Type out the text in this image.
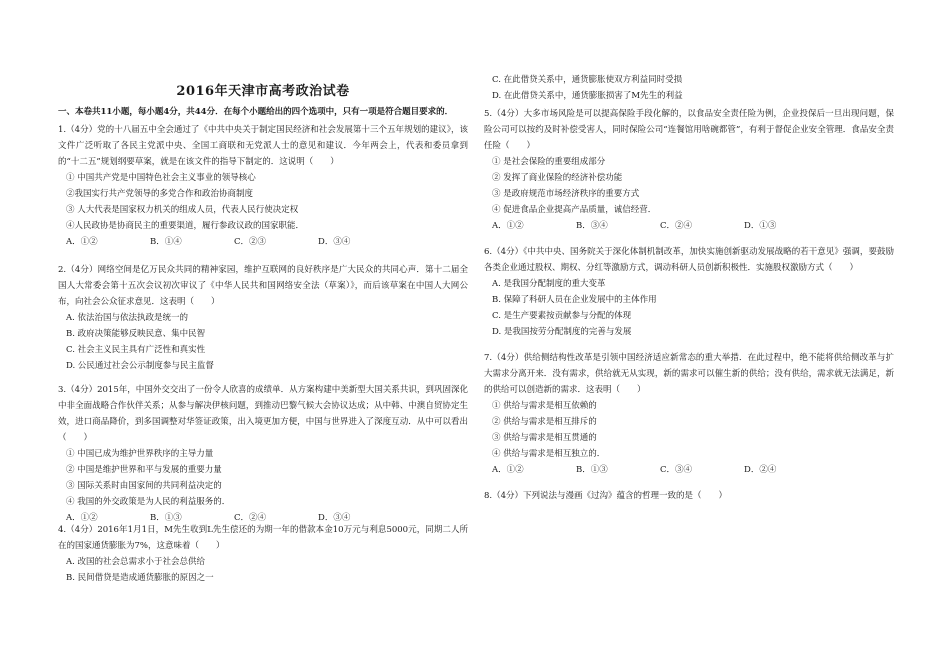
2016年天津市高考政治试卷
一、本卷共11小题，每小题4分，共44分．在每个小题给出的四个选项中，只有一项是符合题目要求的．
1.（4分）党的十八届五中全会通过了《中共中央关于制定国民经济和社会发展第十三个五年规划的建议》，该文件广泛听取了各民主党派中央、全国工商联和无党派人士的意见和建议．今年两会上，代表和委员拿到的“十二五”规划纲要草案，就是在该文件的指导下制定的．这说明（　　）
① 中国共产党是中国特色社会主义事业的领导核心
②我国实行共产党领导的多党合作和政治协商制度
③ 人大代表是国家权力机关的组成人员，代表人民行使决定权
④人民政协是协商民主的重要渠道，履行参政议政的国家职能．
A．①②	B．①④	C．②③	D．③④
2.（4分）网络空间是亿万民众共同的精神家园，维护互联网的良好秩序是广大民众的共同心声．第十二届全国人大常委会第十五次会议初次审议了《中华人民共和国网络安全法（草案）》，而后该草案在中国人大网公布，向社会公众征求意见．这表明（　　）
A. 依法治国与依法执政是统一的
B. 政府决策能够反映民意、集中民智
C. 社会主义民主具有广泛性和真实性
D. 公民通过社会公示制度参与民主监督
3.（4分）2015年，中国外交交出了一份令人欣喜的成绩单．从方案构建中美新型大国关系共识，到巩固深化中非全面战略合作伙伴关系；从参与解决伊核问题，到推动巴黎气候大会协议达成；从中韩、中澳自贸协定生效，进口商品降价，到多国调整对华签证政策，出入境更加方便，中国与世界进入了深度互动．从中可以看出（　　）
① 中国已成为维护世界秩序的主导力量
② 中国是维护世界和平与发展的重要力量
③ 国际关系时由国家间的共同利益决定的
④ 我国的外交政策是为人民的利益服务的．
A．①②	B．①③	C．②④	D．③④
4.（4分）2016年1月1日，M先生收到L先生偿还的为期一年的借款本金10万元与利息5000元，同期二人所在的国家通货膨胀为7%，这意味着（　　）
A. 改国的社会总需求小于社会总供给
B. 民间借贷是造成通货膨胀的原因之一
C. 在此借贷关系中，通货膨胀使双方利益同时受损
D. 在此借贷关系中，通货膨胀损害了M先生的利益
5.（4分）大多市场风险是可以提高保险手段化解的，以食品安全责任险为例，企业投保后一旦出现问题，保险公司可以按约及时补偿受害人，同时保险公司“连餐馆用啥碗都管”，有利于督促企业安全管理．食品安全责任险（　　）
① 是社会保险的重要组成部分
② 发挥了商业保险的经济补偿功能
③ 是政府规范市场经济秩序的重要方式
④ 促进食品企业提高产品质量，诚信经营．
A．①②	B．③④	C．②④	D．①③
6.（4分）《中共中央、国务院关于深化体制机制改革，加快实施创新驱动发展战略的若干意见》强调，要鼓励各类企业通过股权、期权、分红等激励方式，调动科研人员创新积极性．实施股权激励方式（　　）
A. 是我国分配制度的重大变革
B. 保障了科研人员在企业发展中的主体作用
C. 是生产要素按贡献参与分配的体现
D. 是我国按劳分配制度的完善与发展
7.（4分）供给侧结构性改革是引领中国经济适应新常态的重大举措．在此过程中，绝不能将供给侧改革与扩大需求分离开来．没有需求，供给就无从实现，新的需求可以催生新的供给；没有供给，需求就无法满足，新的供给可以创造新的需求．这表明（　　）
① 供给与需求是相互依赖的
② 供给与需求是相互排斥的
③ 供给与需求是相互贯通的
④ 供给与需求是相互独立的．
A．①②	B．①③	C．③④	D．②④
8.（4分）下列说法与漫画《过沟》蕴含的哲理一致的是（　　）
